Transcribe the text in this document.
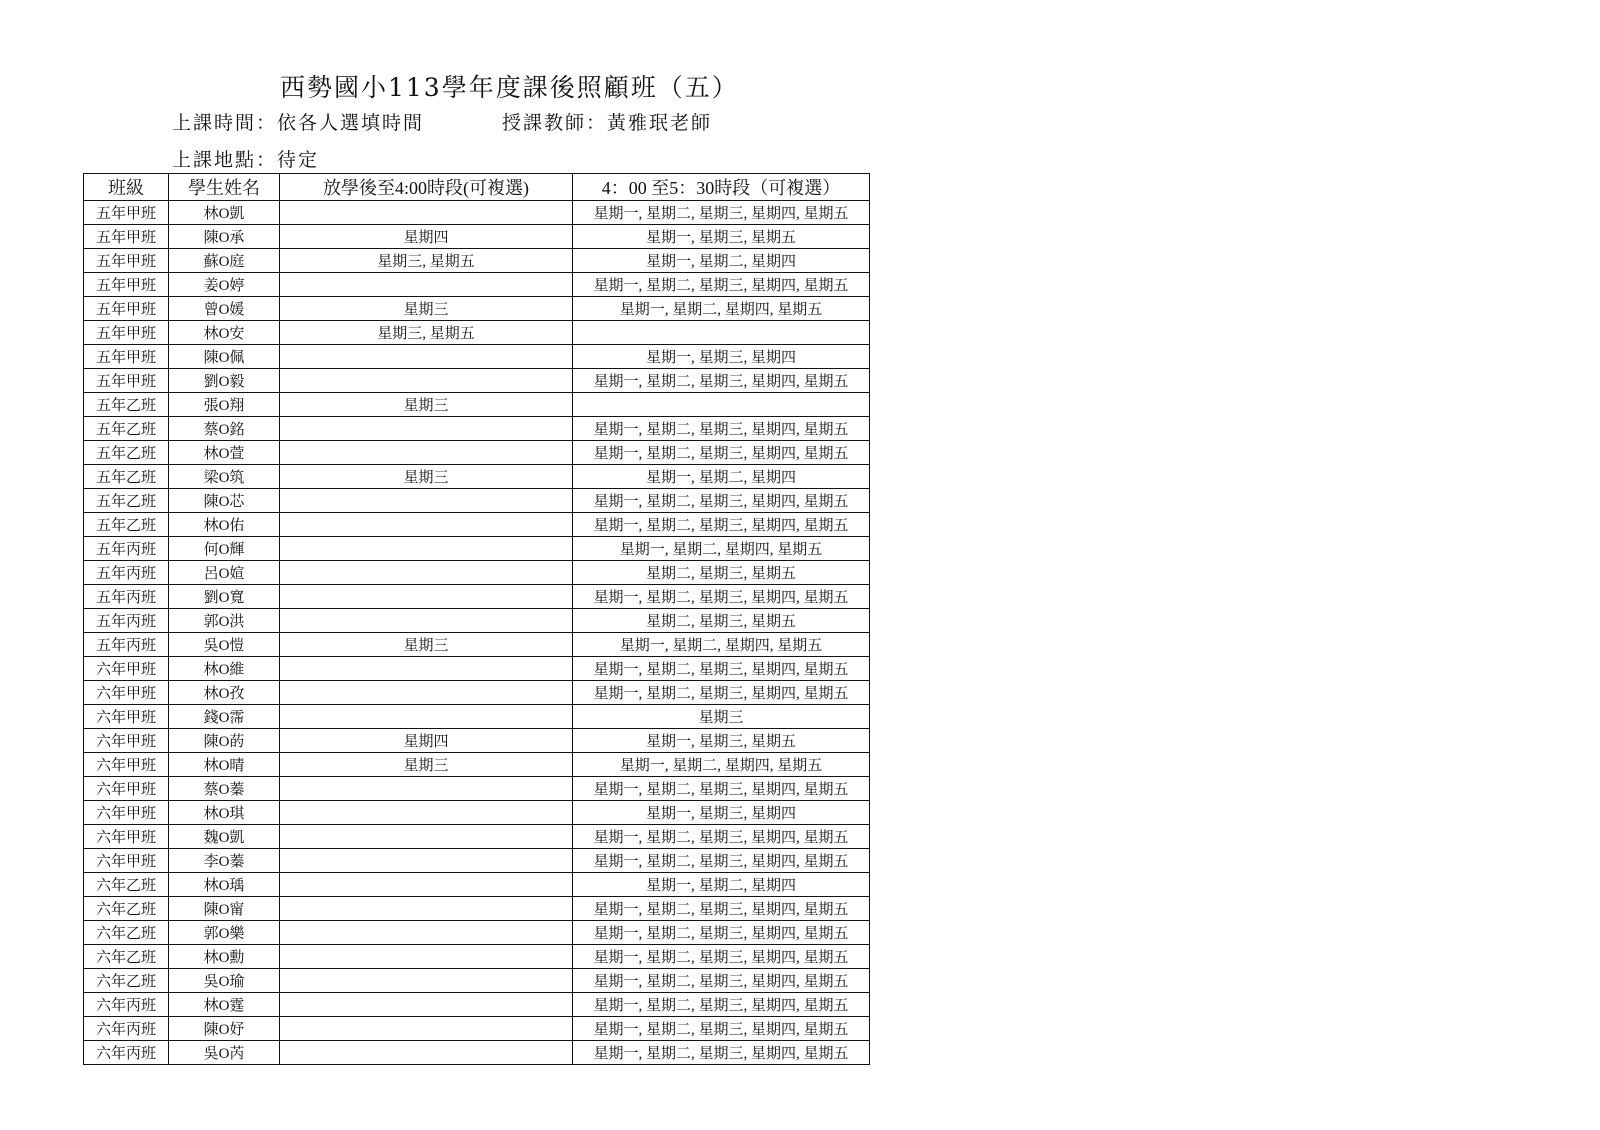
西勢國小113學年度課後照顧班（五）
上課時間：依各人選填時間	授課教師：黃雅珉老師
上課地點：待定
班級	學生姓名	放學後至4:00時段(可複選)	4：00 至5：30時段（可複選）
五年甲班	林O凱		星期一, 星期二, 星期三, 星期四, 星期五
五年甲班	陳O承	星期四	星期一, 星期三, 星期五
五年甲班	蘇O庭	星期三, 星期五	星期一, 星期二, 星期四
五年甲班	姜O婷		星期一, 星期二, 星期三, 星期四, 星期五
五年甲班	曾O媛	星期三	星期一, 星期二, 星期四, 星期五
五年甲班	林O安	星期三, 星期五	
五年甲班	陳O佩		星期一, 星期三, 星期四
五年甲班	劉O毅		星期一, 星期二, 星期三, 星期四, 星期五
五年乙班	張O翔	星期三	
五年乙班	蔡O銘		星期一, 星期二, 星期三, 星期四, 星期五
五年乙班	林O萱		星期一, 星期二, 星期三, 星期四, 星期五
五年乙班	梁O筑	星期三	星期一, 星期二, 星期四
五年乙班	陳O芯		星期一, 星期二, 星期三, 星期四, 星期五
五年乙班	林O佑		星期一, 星期二, 星期三, 星期四, 星期五
五年丙班	何O輝		星期一, 星期二, 星期四, 星期五
五年丙班	呂O媗		星期二, 星期三, 星期五
五年丙班	劉O寬		星期一, 星期二, 星期三, 星期四, 星期五
五年丙班	郭O洪		星期二, 星期三, 星期五
五年丙班	吳O愷	星期三	星期一, 星期二, 星期四, 星期五
六年甲班	林O維		星期一, 星期二, 星期三, 星期四, 星期五
六年甲班	林O孜		星期一, 星期二, 星期三, 星期四, 星期五
六年甲班	錢O霈		星期三
六年甲班	陳O菂	星期四	星期一, 星期三, 星期五
六年甲班	林O晴	星期三	星期一, 星期二, 星期四, 星期五
六年甲班	蔡O蓁		星期一, 星期二, 星期三, 星期四, 星期五
六年甲班	林O琪		星期一, 星期三, 星期四
六年甲班	魏O凱		星期一, 星期二, 星期三, 星期四, 星期五
六年甲班	李O蓁		星期一, 星期二, 星期三, 星期四, 星期五
六年乙班	林O瑀		星期一, 星期二, 星期四
六年乙班	陳O甯		星期一, 星期二, 星期三, 星期四, 星期五
六年乙班	郭O樂		星期一, 星期二, 星期三, 星期四, 星期五
六年乙班	林O勳		星期一, 星期二, 星期三, 星期四, 星期五
六年乙班	吳O瑜		星期一, 星期二, 星期三, 星期四, 星期五
六年丙班	林O霆		星期一, 星期二, 星期三, 星期四, 星期五
六年丙班	陳O妤		星期一, 星期二, 星期三, 星期四, 星期五
六年丙班	吳O芮		星期一, 星期二, 星期三, 星期四, 星期五
